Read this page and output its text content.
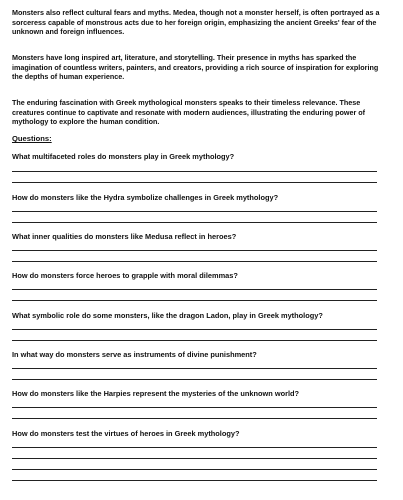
Monsters also reflect cultural fears and myths. Medea, though not a monster herself, is often portrayed as a sorceress capable of monstrous acts due to her foreign origin, emphasizing the ancient Greeks' fear of the unknown and foreign influences.

Monsters have long inspired art, literature, and storytelling. Their presence in myths has sparked the imagination of countless writers, painters, and creators, providing a rich source of inspiration for exploring the depths of human experience.

The enduring fascination with Greek mythological monsters speaks to their timeless relevance. These creatures continue to captivate and resonate with modern audiences, illustrating the enduring power of mythology to explore the human condition.

Questions:

What multifaceted roles do monsters play in Greek mythology?

How do monsters like the Hydra symbolize challenges in Greek mythology?

What inner qualities do monsters like Medusa reflect in heroes?

How do monsters force heroes to grapple with moral dilemmas?

What symbolic role do some monsters, like the dragon Ladon, play in Greek mythology?

In what way do monsters serve as instruments of divine punishment?

How do monsters like the Harpies represent the mysteries of the unknown world?

How do monsters test the virtues of heroes in Greek mythology?
